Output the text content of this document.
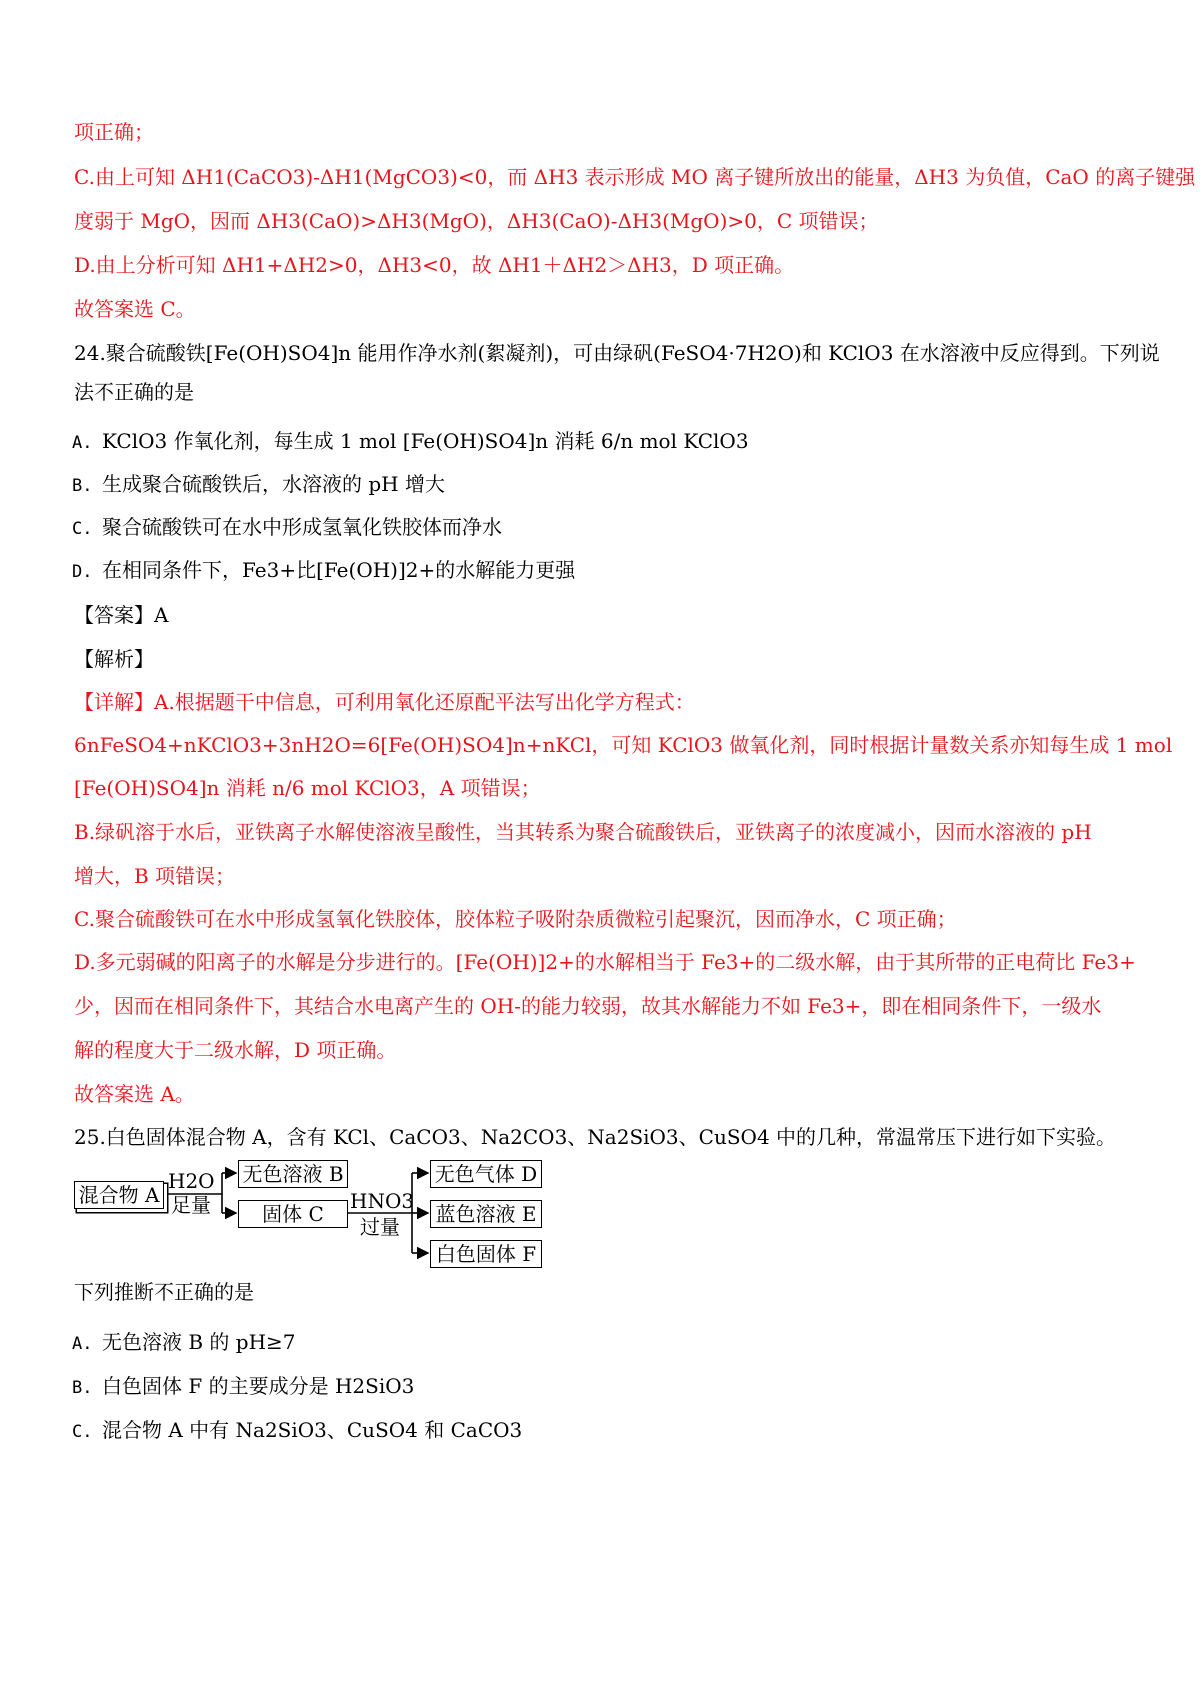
项正确；
C.由上可知 ΔH1(CaCO3)-ΔH1(MgCO3)<0，而 ΔH3 表示形成 MO 离子键所放出的能量，ΔH3 为负值，CaO 的离子键强
度弱于 MgO，因而 ΔH3(CaO)>ΔH3(MgO)，ΔH3(CaO)-ΔH3(MgO)>0，C 项错误；
D.由上分析可知 ΔH1+ΔH2>0，ΔH3<0，故 ΔH1＋ΔH2＞ΔH3，D 项正确。
故答案选 C。
24.聚合硫酸铁[Fe(OH)SO4]n 能用作净水剂(絮凝剂)，可由绿矾(FeSO4·7H2O)和 KClO3 在水溶液中反应得到。下列说
法不正确的是
A. KClO3 作氧化剂，每生成 1 mol [Fe(OH)SO4]n 消耗 6/n mol KClO3
B. 生成聚合硫酸铁后，水溶液的 pH 增大
C. 聚合硫酸铁可在水中形成氢氧化铁胶体而净水
D. 在相同条件下，Fe3+比[Fe(OH)]2+的水解能力更强
【答案】A
【解析】
【详解】A.根据题干中信息，可利用氧化还原配平法写出化学方程式：
6nFeSO4+nKClO3+3nH2O=6[Fe(OH)SO4]n+nKCl，可知 KClO3 做氧化剂，同时根据计量数关系亦知每生成 1 mol
[Fe(OH)SO4]n 消耗 n/6 mol KClO3，A 项错误；
B.绿矾溶于水后，亚铁离子水解使溶液呈酸性，当其转系为聚合硫酸铁后，亚铁离子的浓度减小，因而水溶液的 pH
增大，B 项错误；
C.聚合硫酸铁可在水中形成氢氧化铁胶体，胶体粒子吸附杂质微粒引起聚沉，因而净水，C 项正确；
D.多元弱碱的阳离子的水解是分步进行的。[Fe(OH)]2+的水解相当于 Fe3+的二级水解，由于其所带的正电荷比 Fe3+
少，因而在相同条件下，其结合水电离产生的 OH-的能力较弱，故其水解能力不如 Fe3+，即在相同条件下，一级水
解的程度大于二级水解，D 项正确。
故答案选 A。
25.白色固体混合物 A，含有 KCl、CaCO3、Na2CO3、Na2SiO3、CuSO4 中的几种，常温常压下进行如下实验。
混合物 A
H2O
足量
无色溶液 B
固体 C
HNO3
过量
无色气体 D
蓝色溶液 E
白色固体 F
下列推断不正确的是
A. 无色溶液 B 的 pH≥7
B. 白色固体 F 的主要成分是 H2SiO3
C. 混合物 A 中有 Na2SiO3、CuSO4 和 CaCO3
